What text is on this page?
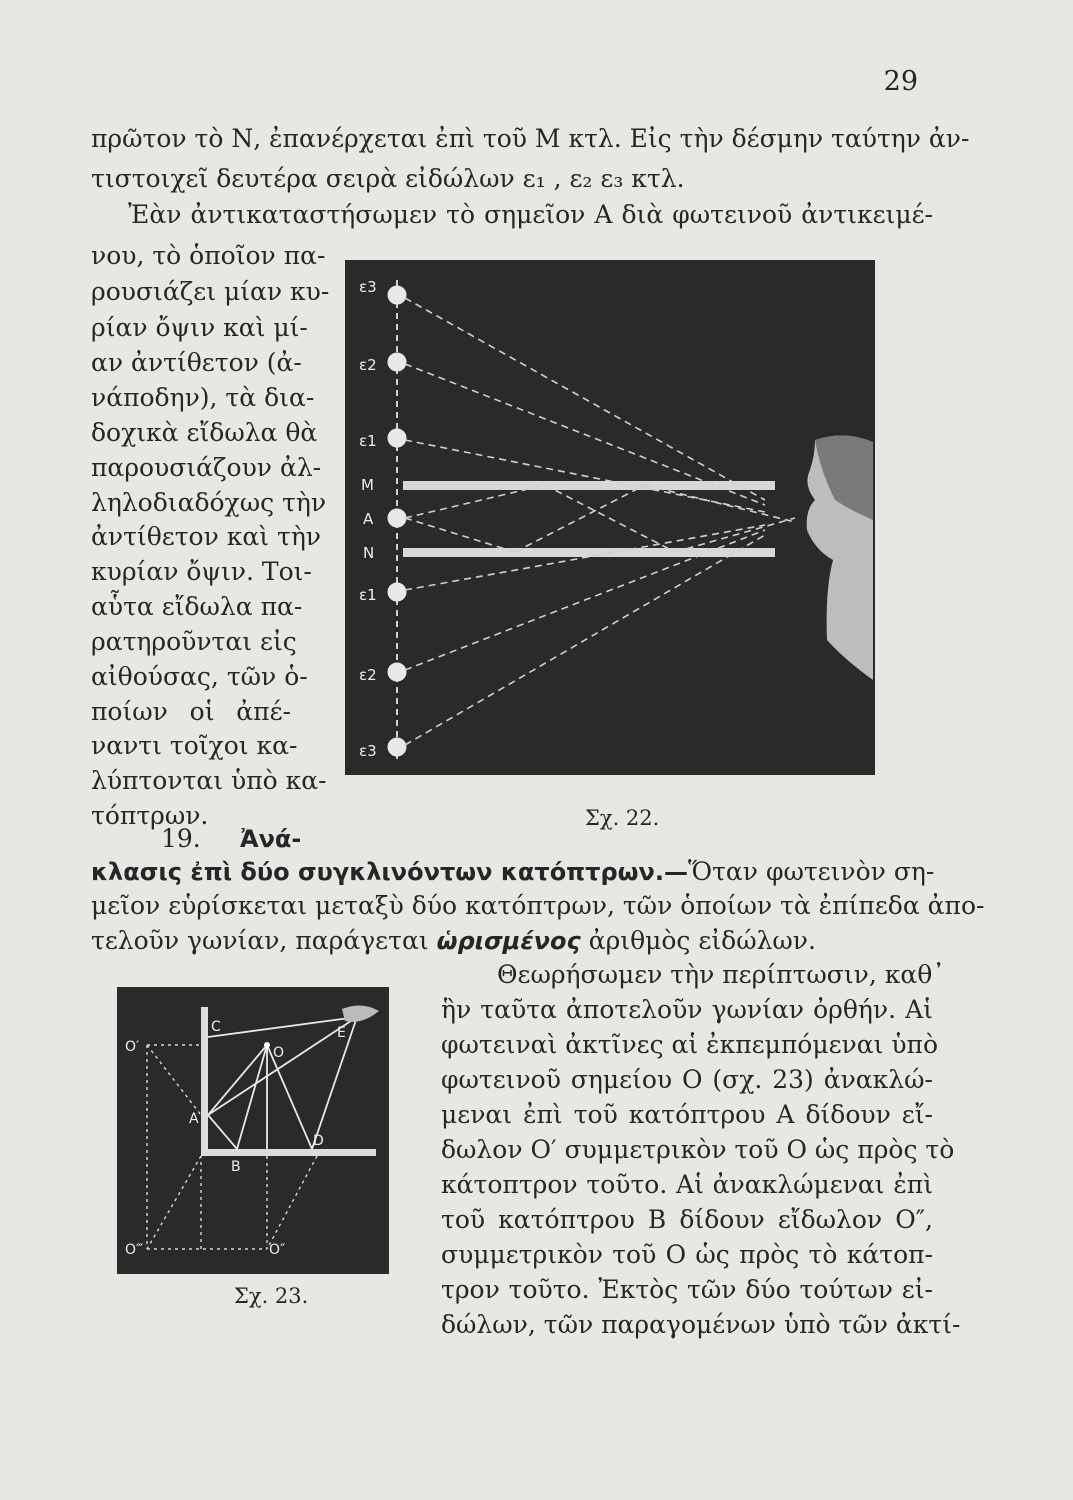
29
πρῶτον τὸ Ν, ἐπανέρχεται ἐπὶ τοῦ Μ κτλ. Εἰς τὴν δέσμην ταύτην ἀν-
τιστοιχεῖ δευτέρα σειρὰ εἰδώλων ε₁ , ε₂ ε₃ κτλ.
Ἐὰν ἀντικαταστήσωμεν τὸ σημεῖον Α διὰ φωτεινοῦ ἀντικειμέ-
νου, τὸ ὁποῖον πα-
ρουσιάζει μίαν κυ-
ρίαν ὄψιν καὶ μί-
αν ἀντίθετον (ἀ-
νάποδην), τὰ δια-
δοχικὰ εἴδωλα θὰ
παρουσιάζουν ἀλ-
ληλοδιαδόχως τὴν
ἀντίθετον καὶ τὴν
κυρίαν ὄψιν. Τοι-
αὗτα εἴδωλα πα-
ρατηροῦνται εἰς
αἰθούσας, τῶν ὁ-
ποίων οἱ ἀπέ-
ναντι τοῖχοι κα-
λύπτονται ὑπὸ κα-
τόπτρων.
ε3
ε2
ε1
M
A
N
ε1
ε2
ε3
Σχ. 22.
19. Ἀνά-
κλασις ἐπὶ δύο συγκλινόντων κατόπτρων.—Ὅταν φωτεινὸν ση-
μεῖον εὑρίσκεται μεταξὺ δύο κατόπτρων, τῶν ὁποίων τὰ ἐπίπεδα ἀπο-
τελοῦν γωνίαν, παράγεται ὡρισμένος ἀριθμὸς εἰδώλων.
O′
C
O
E
A
B
D
O‴	O″
Σχ. 23.
Θεωρήσωμεν τὴν περίπτωσιν, καθ᾿
ἣν ταῦτα ἀποτελοῦν γωνίαν ὀρθήν. Αἱ
φωτειναὶ ἀκτῖνες αἱ ἐκπεμπόμεναι ὑπὸ
φωτεινοῦ σημείου Ο (σχ. 23) ἀνακλώ-
μεναι ἐπὶ τοῦ κατόπτρου Α δίδουν εἴ-
δωλον Ο′ συμμετρικὸν τοῦ Ο ὡς πρὸς τὸ
κάτοπτρον τοῦτο. Αἱ ἀνακλώμεναι ἐπὶ
τοῦ κατόπτρου Β δίδουν εἴδωλον Ο″,
συμμετρικὸν τοῦ Ο ὡς πρὸς τὸ κάτοπ-
τρον τοῦτο. Ἐκτὸς τῶν δύο τούτων εἰ-
δώλων, τῶν παραγομένων ὑπὸ τῶν ἀκτί-
